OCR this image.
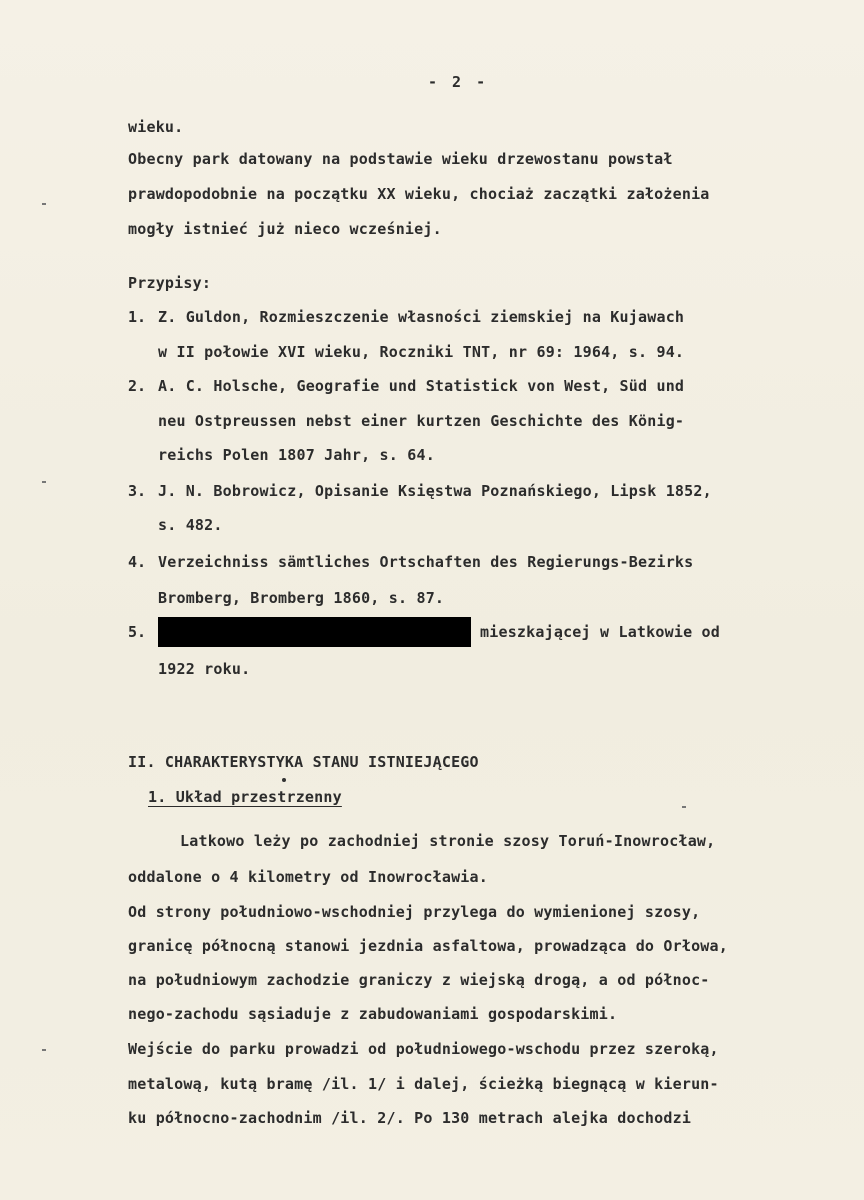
- 2 -
wieku.
Obecny park datowany na podstawie wieku drzewostanu powstał
prawdopodobnie na początku XX wieku, chociaż zaczątki założenia
mogły istnieć już nieco wcześniej.
Przypisy:
1. Z. Guldon, Rozmieszczenie własności ziemskiej na Kujawach
w II połowie XVI wieku, Roczniki TNT, nr 69: 1964, s. 94.
2. A. C. Holsche, Geografie und Statistick von West, Süd und
neu Ostpreussen nebst einer kurtzen Geschichte des König-
reichs Polen 1807 Jahr, s. 64.
3. J. N. Bobrowicz, Opisanie Księstwa Poznańskiego, Lipsk 1852,
s. 482.
4. Verzeichniss sämtliches Ortschaften des Regierungs-Bezirks
Bromberg, Bromberg 1860, s. 87.
5.	mieszkającej w Latkowie od
1922 roku.
II. CHARAKTERYSTYKA STANU ISTNIEJĄCEGO
1. Układ przestrzenny
Latkowo leży po zachodniej stronie szosy Toruń-Inowrocław,
oddalone o 4 kilometry od Inowrocławia.
Od strony południowo-wschodniej przylega do wymienionej szosy,
granicę północną stanowi jezdnia asfaltowa, prowadząca do Orłowa,
na południowym zachodzie graniczy z wiejską drogą, a od północ-
nego-zachodu sąsiaduje z zabudowaniami gospodarskimi.
Wejście do parku prowadzi od południowego-wschodu przez szeroką,
metalową, kutą bramę /il. 1/ i dalej, ścieżką biegnącą w kierun-
ku północno-zachodnim /il. 2/. Po 130 metrach alejka dochodzi
